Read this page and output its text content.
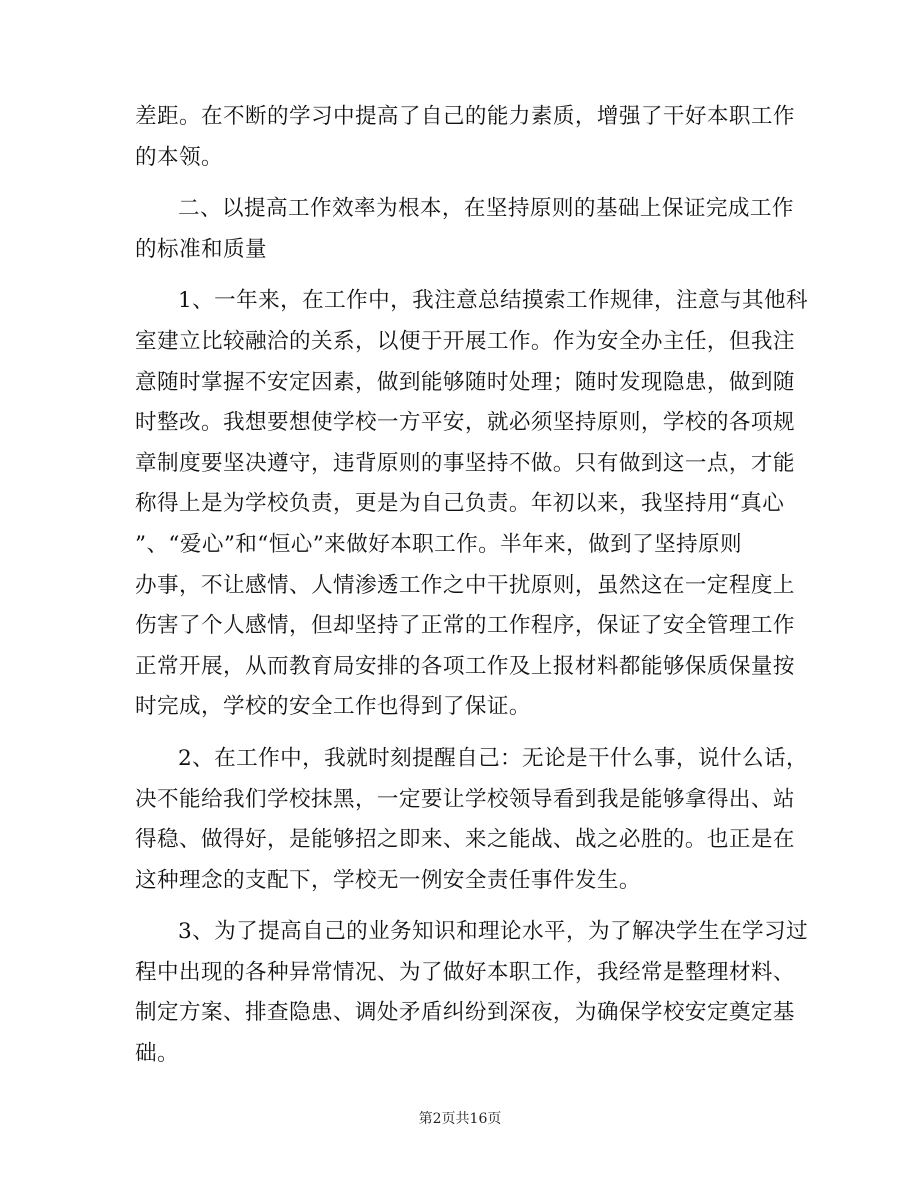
差距。在不断的学习中提高了自己的能力素质，增强了干好本职工作
的本领。
二、以提高工作效率为根本，在坚持原则的基础上保证完成工作
的标准和质量
1、一年来，在工作中，我注意总结摸索工作规律，注意与其他科
室建立比较融洽的关系，以便于开展工作。作为安全办主任，但我注
意随时掌握不安定因素，做到能够随时处理；随时发现隐患，做到随
时整改。我想要想使学校一方平安，就必须坚持原则，学校的各项规
章制度要坚决遵守，违背原则的事坚持不做。只有做到这一点，才能
称得上是为学校负责，更是为自己负责。年初以来，我坚持用“真心
”、“爱心”和“恒心”来做好本职工作。半年来，做到了坚持原则
办事，不让感情、人情渗透工作之中干扰原则，虽然这在一定程度上
伤害了个人感情，但却坚持了正常的工作程序，保证了安全管理工作
正常开展，从而教育局安排的各项工作及上报材料都能够保质保量按
时完成，学校的安全工作也得到了保证。
2、在工作中，我就时刻提醒自己：无论是干什么事，说什么话，
决不能给我们学校抹黑，一定要让学校领导看到我是能够拿得出、站
得稳、做得好，是能够招之即来、来之能战、战之必胜的。也正是在
这种理念的支配下，学校无一例安全责任事件发生。
3、为了提高自己的业务知识和理论水平，为了解决学生在学习过
程中出现的各种异常情况、为了做好本职工作，我经常是整理材料、
制定方案、排查隐患、调处矛盾纠纷到深夜，为确保学校安定奠定基
础。
第2页共16页
